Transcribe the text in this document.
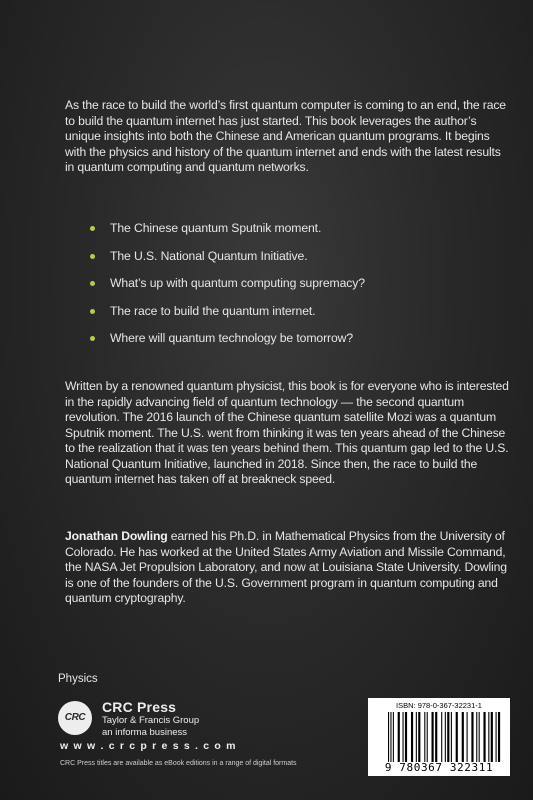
As the race to build the world’s first quantum computer is coming to an end, the race to build the quantum internet has just started. This book leverages the author’s unique insights into both the Chinese and American quantum programs. It begins with the physics and history of the quantum internet and ends with the latest results in quantum computing and quantum networks.

The Chinese quantum Sputnik moment.
The U.S. National Quantum Initiative.
What’s up with quantum computing supremacy?
The race to build the quantum internet.
Where will quantum technology be tomorrow?

Written by a renowned quantum physicist, this book is for everyone who is interested in the rapidly advancing field of quantum technology — the second quantum revolution. The 2016 launch of the Chinese quantum satellite Mozi was a quantum Sputnik moment. The U.S. went from thinking it was ten years ahead of the Chinese to the realization that it was ten years behind them. This quantum gap led to the U.S. National Quantum Initiative, launched in 2018. Since then, the race to build the quantum internet has taken off at breakneck speed.

Jonathan Dowling earned his Ph.D. in Mathematical Physics from the University of Colorado. He has worked at the United States Army Aviation and Missile Command, the NASA Jet Propulsion Laboratory, and now at Louisiana State University. Dowling is one of the founders of the U.S. Government program in quantum computing and quantum cryptography.

Physics
CRC
CRC Press
Taylor & Francis Group
an informa business
w w w . c r c p r e s s . c o m
CRC Press titles are available as eBook editions in a range of digital formats
ISBN: 978-0-367-32231-1
9 780367 322311
